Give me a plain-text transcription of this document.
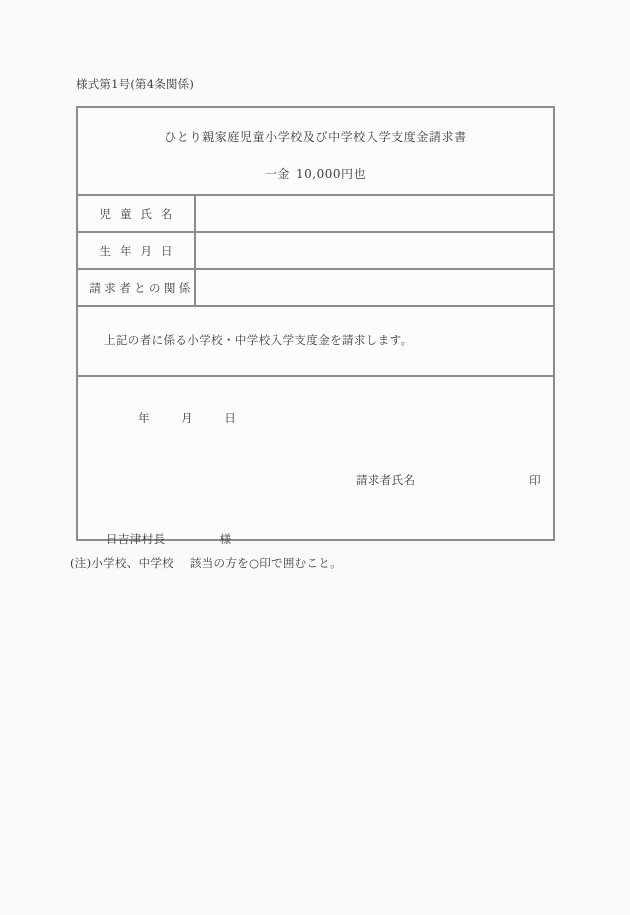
様式第1号(第4条関係)
ひとり親家庭児童小学校及び中学校入学支度金請求書
一金 10,000円也	

児童氏名	
生年月日	
請求者との関係	

上記の者に係る小学校・中学校入学支度金を請求します。	

年 月 日
請求者氏名 印
日吉津村長 様	
(注)小学校、中学校 該当の方を○印で囲むこと。
